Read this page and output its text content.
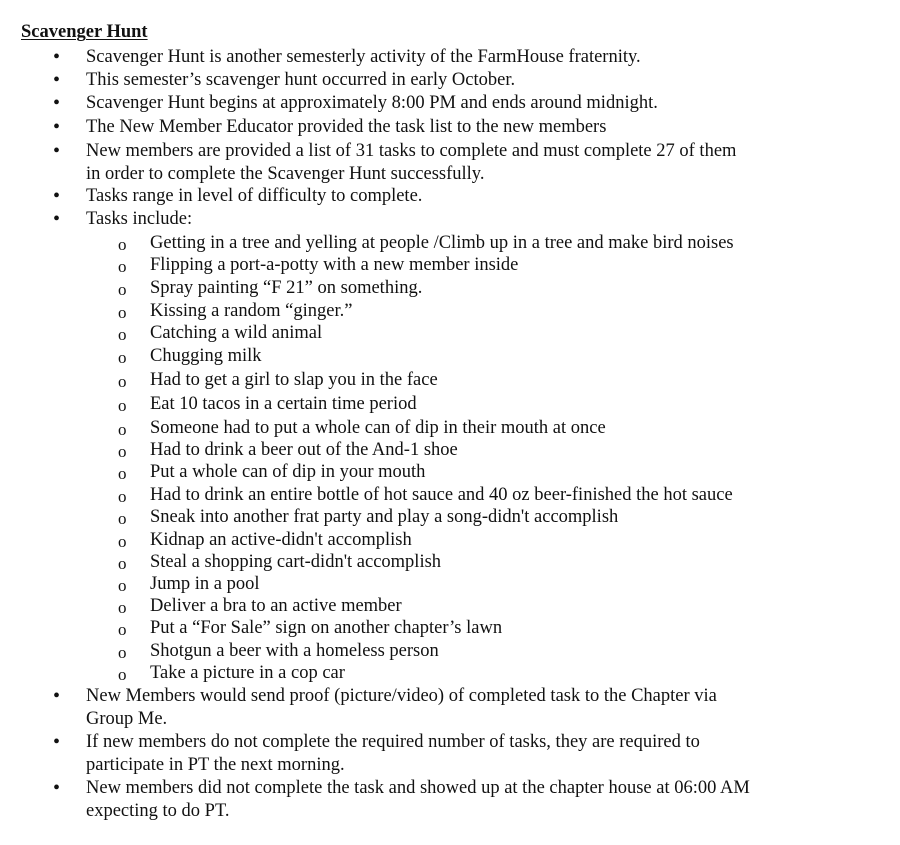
Scavenger Hunt
• Scavenger Hunt is another semesterly activity of the FarmHouse fraternity.
• This semester’s scavenger hunt occurred in early October.
• Scavenger Hunt begins at approximately 8:00 PM and ends around midnight.
• The New Member Educator provided the task list to the new members
• New members are provided a list of 31 tasks to complete and must complete 27 of them
in order to complete the Scavenger Hunt successfully.
• Tasks range in level of difficulty to complete.
• Tasks include:
o Getting in a tree and yelling at people /Climb up in a tree and make bird noises
o Flipping a port-a-potty with a new member inside
o Spray painting “F 21” on something.
o Kissing a random “ginger.”
o Catching a wild animal
o Chugging milk
o Had to get a girl to slap you in the face
o Eat 10 tacos in a certain time period
o Someone had to put a whole can of dip in their mouth at once
o Had to drink a beer out of the And-1 shoe
o Put a whole can of dip in your mouth
o Had to drink an entire bottle of hot sauce and 40 oz beer-finished the hot sauce
o Sneak into another frat party and play a song-didn't accomplish
o Kidnap an active-didn't accomplish
o Steal a shopping cart-didn't accomplish
o Jump in a pool
o Deliver a bra to an active member
o Put a “For Sale” sign on another chapter’s lawn
o Shotgun a beer with a homeless person
o Take a picture in a cop car
• New Members would send proof (picture/video) of completed task to the Chapter via
Group Me.
• If new members do not complete the required number of tasks, they are required to
participate in PT the next morning.
• New members did not complete the task and showed up at the chapter house at 06:00 AM
expecting to do PT.
